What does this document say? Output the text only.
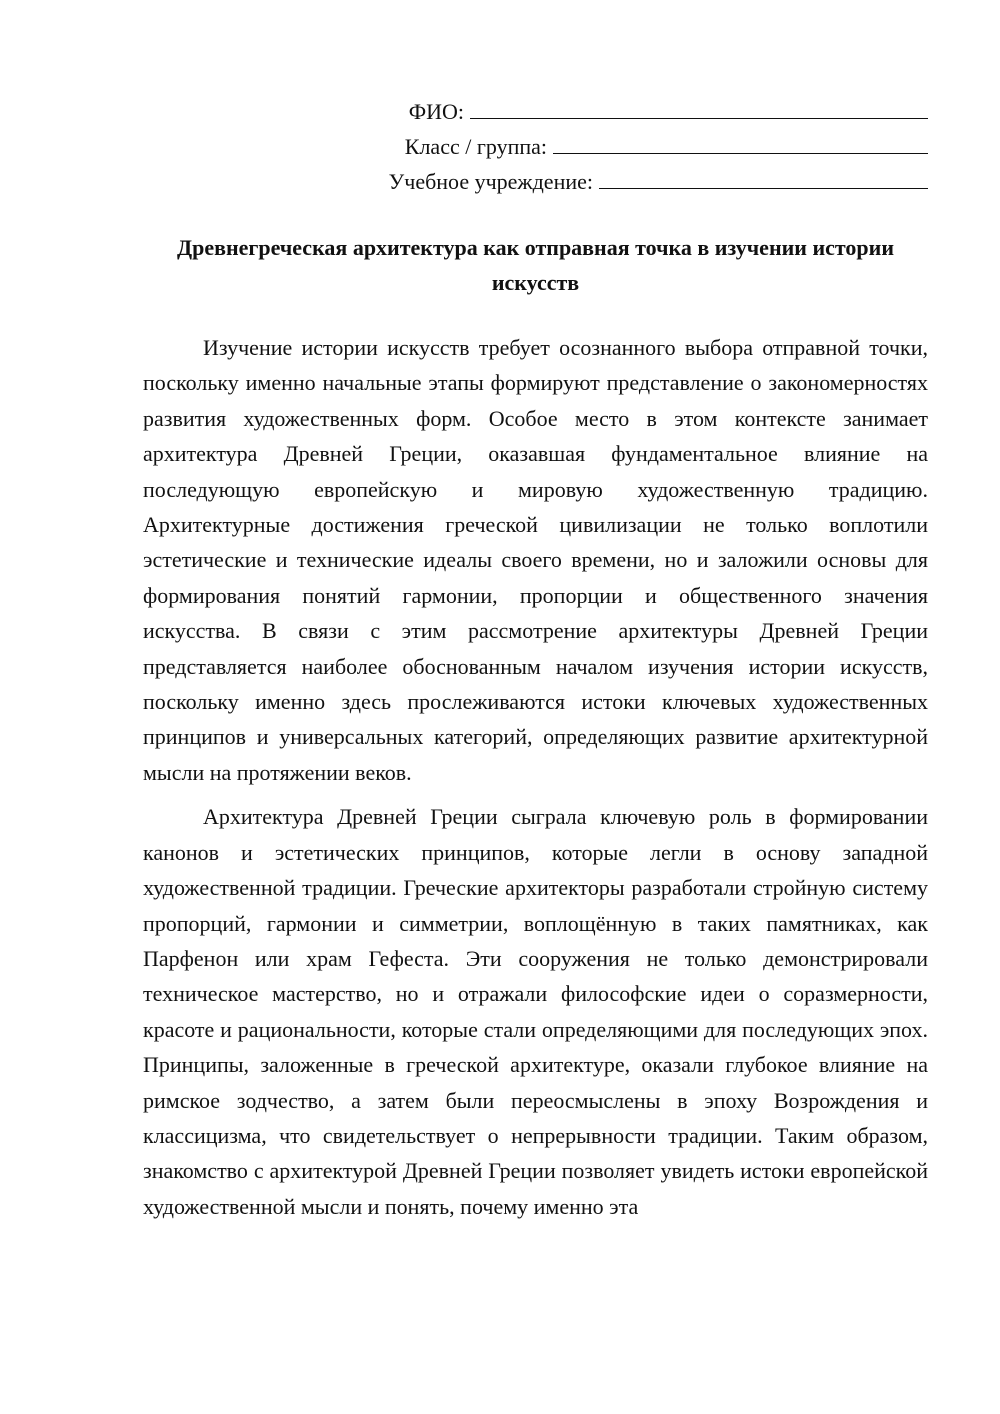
ФИО:
Класс / группа:
Учебное учреждение:
Древнегреческая архитектура как отправная точка в изучении истории
искусств

Изучение истории искусств требует осознанного выбора отправной точки, поскольку именно начальные этапы формируют представление о закономерностях развития художественных форм. Особое место в этом контексте занимает архитектура Древней Греции, оказавшая фундаментальное влияние на последующую европейскую и мировую художественную традицию. Архитектурные достижения греческой цивилизации не только воплотили эстетические и технические идеалы своего времени, но и заложили основы для формирования понятий гармонии, пропорции и общественного значения искусства. В связи с этим рассмотрение архитектуры Древней Греции представляется наиболее обоснованным началом изучения истории искусств, поскольку именно здесь прослеживаются истоки ключевых художественных принципов и универсальных категорий, определяющих развитие архитектурной мысли на протяжении веков.

Архитектура Древней Греции сыграла ключевую роль в формировании канонов и эстетических принципов, которые легли в основу западной художественной традиции. Греческие архитекторы разработали стройную систему пропорций, гармонии и симметрии, воплощённую в таких памятниках, как Парфенон или храм Гефеста. Эти сооружения не только демонстрировали техническое мастерство, но и отражали философские идеи о соразмерности, красоте и рациональности, которые стали определяющими для последующих эпох. Принципы, заложенные в греческой архитектуре, оказали глубокое влияние на римское зодчество, а затем были переосмыслены в эпоху Возрождения и классицизма, что свидетельствует о непрерывности традиции. Таким образом, знакомство с архитектурой Древней Греции позволяет увидеть истоки европейской художественной мысли и понять, почему именно эта
